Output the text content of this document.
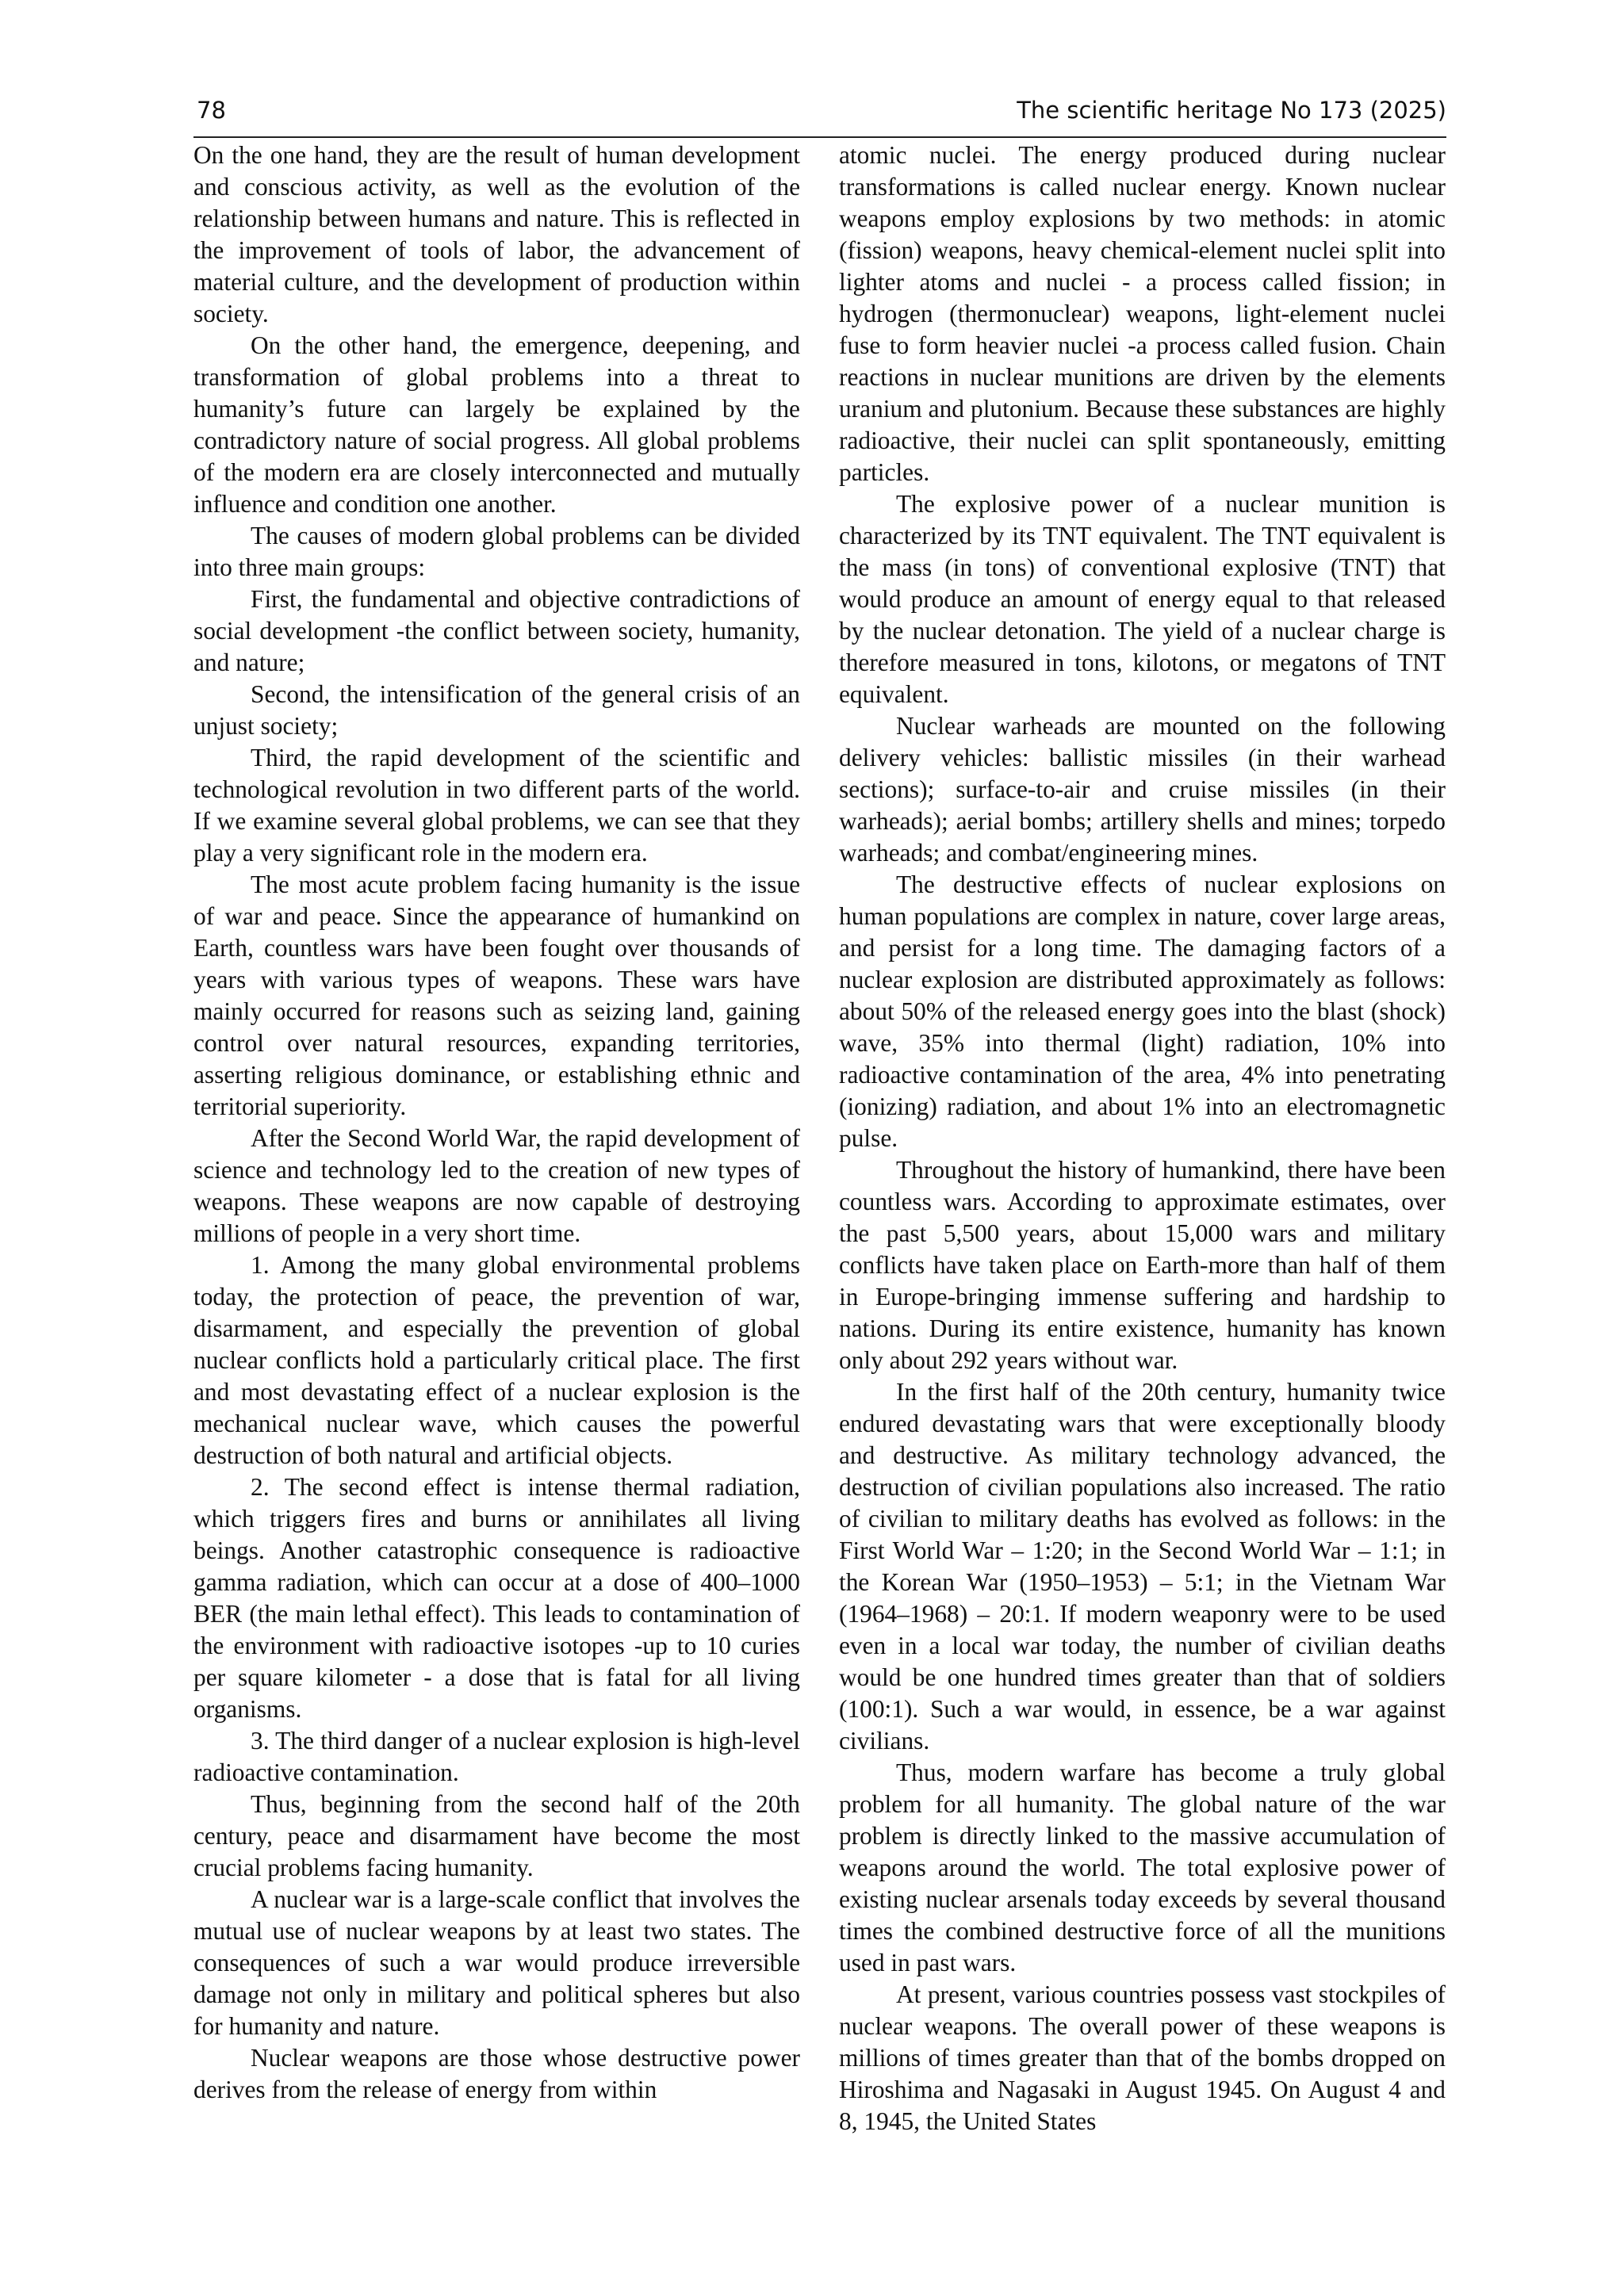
78	The scientific heritage No 173 (2025)

On the one hand, they are the result of human development and conscious activity, as well as the evolution of the relationship between humans and nature. This is reflected in the improvement of tools of labor, the advancement of material culture, and the development of production within society.

On the other hand, the emergence, deepening, and transformation of global problems into a threat to humanity’s future can largely be explained by the contradictory nature of social progress. All global problems of the modern era are closely interconnected and mutually influence and condition one another.

The causes of modern global problems can be divided into three main groups:

First, the fundamental and objective contradictions of social development -the conflict between society, humanity, and nature;

Second, the intensification of the general crisis of an unjust society;

Third, the rapid development of the scientific and technological revolution in two different parts of the world. If we examine several global problems, we can see that they play a very significant role in the modern era.

The most acute problem facing humanity is the issue of war and peace. Since the appearance of humankind on Earth, countless wars have been fought over thousands of years with various types of weapons. These wars have mainly occurred for reasons such as seizing land, gaining control over natural resources, expanding territories, asserting religious dominance, or establishing ethnic and territorial superiority.

After the Second World War, the rapid development of science and technology led to the creation of new types of weapons. These weapons are now capable of destroying millions of people in a very short time.

1. Among the many global environmental problems today, the protection of peace, the prevention of war, disarmament, and especially the prevention of global nuclear conflicts hold a particularly critical place. The first and most devastating effect of a nuclear explosion is the mechanical nuclear wave, which causes the powerful destruction of both natural and artificial objects.

2. The second effect is intense thermal radiation, which triggers fires and burns or annihilates all living beings. Another catastrophic consequence is radioactive gamma radiation, which can occur at a dose of 400–1000 BER (the main lethal effect). This leads to contamination of the environment with radioactive isotopes -up to 10 curies per square kilometer - a dose that is fatal for all living organisms.

3. The third danger of a nuclear explosion is high-level radioactive contamination.

Thus, beginning from the second half of the 20th century, peace and disarmament have become the most crucial problems facing humanity.

A nuclear war is a large-scale conflict that involves the mutual use of nuclear weapons by at least two states. The consequences of such a war would produce irreversible damage not only in military and political spheres but also for humanity and nature.

Nuclear weapons are those whose destructive power derives from the release of energy from within

atomic nuclei. The energy produced during nuclear transformations is called nuclear energy. Known nuclear weapons employ explosions by two methods: in atomic (fission) weapons, heavy chemical-element nuclei split into lighter atoms and nuclei - a process called fission; in hydrogen (thermonuclear) weapons, light-element nuclei fuse to form heavier nuclei -a process called fusion. Chain reactions in nuclear munitions are driven by the elements uranium and plutonium. Because these substances are highly radioactive, their nuclei can split spontaneously, emitting particles.

The explosive power of a nuclear munition is characterized by its TNT equivalent. The TNT equivalent is the mass (in tons) of conventional explosive (TNT) that would produce an amount of energy equal to that released by the nuclear detonation. The yield of a nuclear charge is therefore measured in tons, kilotons, or megatons of TNT equivalent.

Nuclear warheads are mounted on the following delivery vehicles: ballistic missiles (in their warhead sections); surface-to-air and cruise missiles (in their warheads); aerial bombs; artillery shells and mines; torpedo warheads; and combat/engineering mines.

The destructive effects of nuclear explosions on human populations are complex in nature, cover large areas, and persist for a long time. The damaging factors of a nuclear explosion are distributed approximately as follows: about 50% of the released energy goes into the blast (shock) wave, 35% into thermal (light) radiation, 10% into radioactive contamination of the area, 4% into penetrating (ionizing) radiation, and about 1% into an electromagnetic pulse.

Throughout the history of humankind, there have been countless wars. According to approximate estimates, over the past 5,500 years, about 15,000 wars and military conflicts have taken place on Earth-more than half of them in Europe-bringing immense suffering and hardship to nations. During its entire existence, humanity has known only about 292 years without war.

In the first half of the 20th century, humanity twice endured devastating wars that were exceptionally bloody and destructive. As military technology advanced, the destruction of civilian populations also increased. The ratio of civilian to military deaths has evolved as follows: in the First World War – 1:20; in the Second World War – 1:1; in the Korean War (1950–1953) – 5:1; in the Vietnam War (1964–1968) – 20:1. If modern weaponry were to be used even in a local war today, the number of civilian deaths would be one hundred times greater than that of soldiers (100:1). Such a war would, in essence, be a war against civilians.

Thus, modern warfare has become a truly global problem for all humanity. The global nature of the war problem is directly linked to the massive accumulation of weapons around the world. The total explosive power of existing nuclear arsenals today exceeds by several thousand times the combined destructive force of all the munitions used in past wars.

At present, various countries possess vast stockpiles of nuclear weapons. The overall power of these weapons is millions of times greater than that of the bombs dropped on Hiroshima and Nagasaki in August 1945. On August 4 and 8, 1945, the United States
